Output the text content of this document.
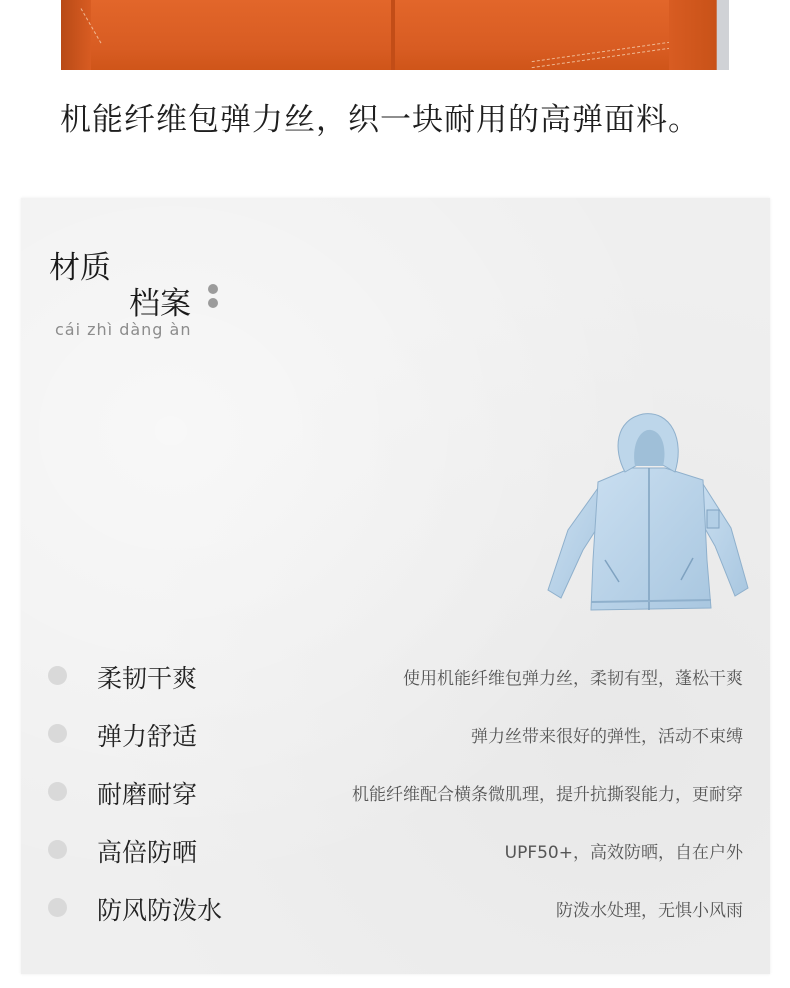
机能纤维包弹力丝，织一块耐用的高弹面料。
材质
档案
cái zhì dàng àn
柔韧干爽	使用机能纤维包弹力丝，柔韧有型，蓬松干爽
弹力舒适	弹力丝带来很好的弹性，活动不束缚
耐磨耐穿	机能纤维配合横条微肌理，提升抗撕裂能力，更耐穿
高倍防晒	UPF50+，高效防晒，自在户外
防风防泼水	防泼水处理，无惧小风雨
